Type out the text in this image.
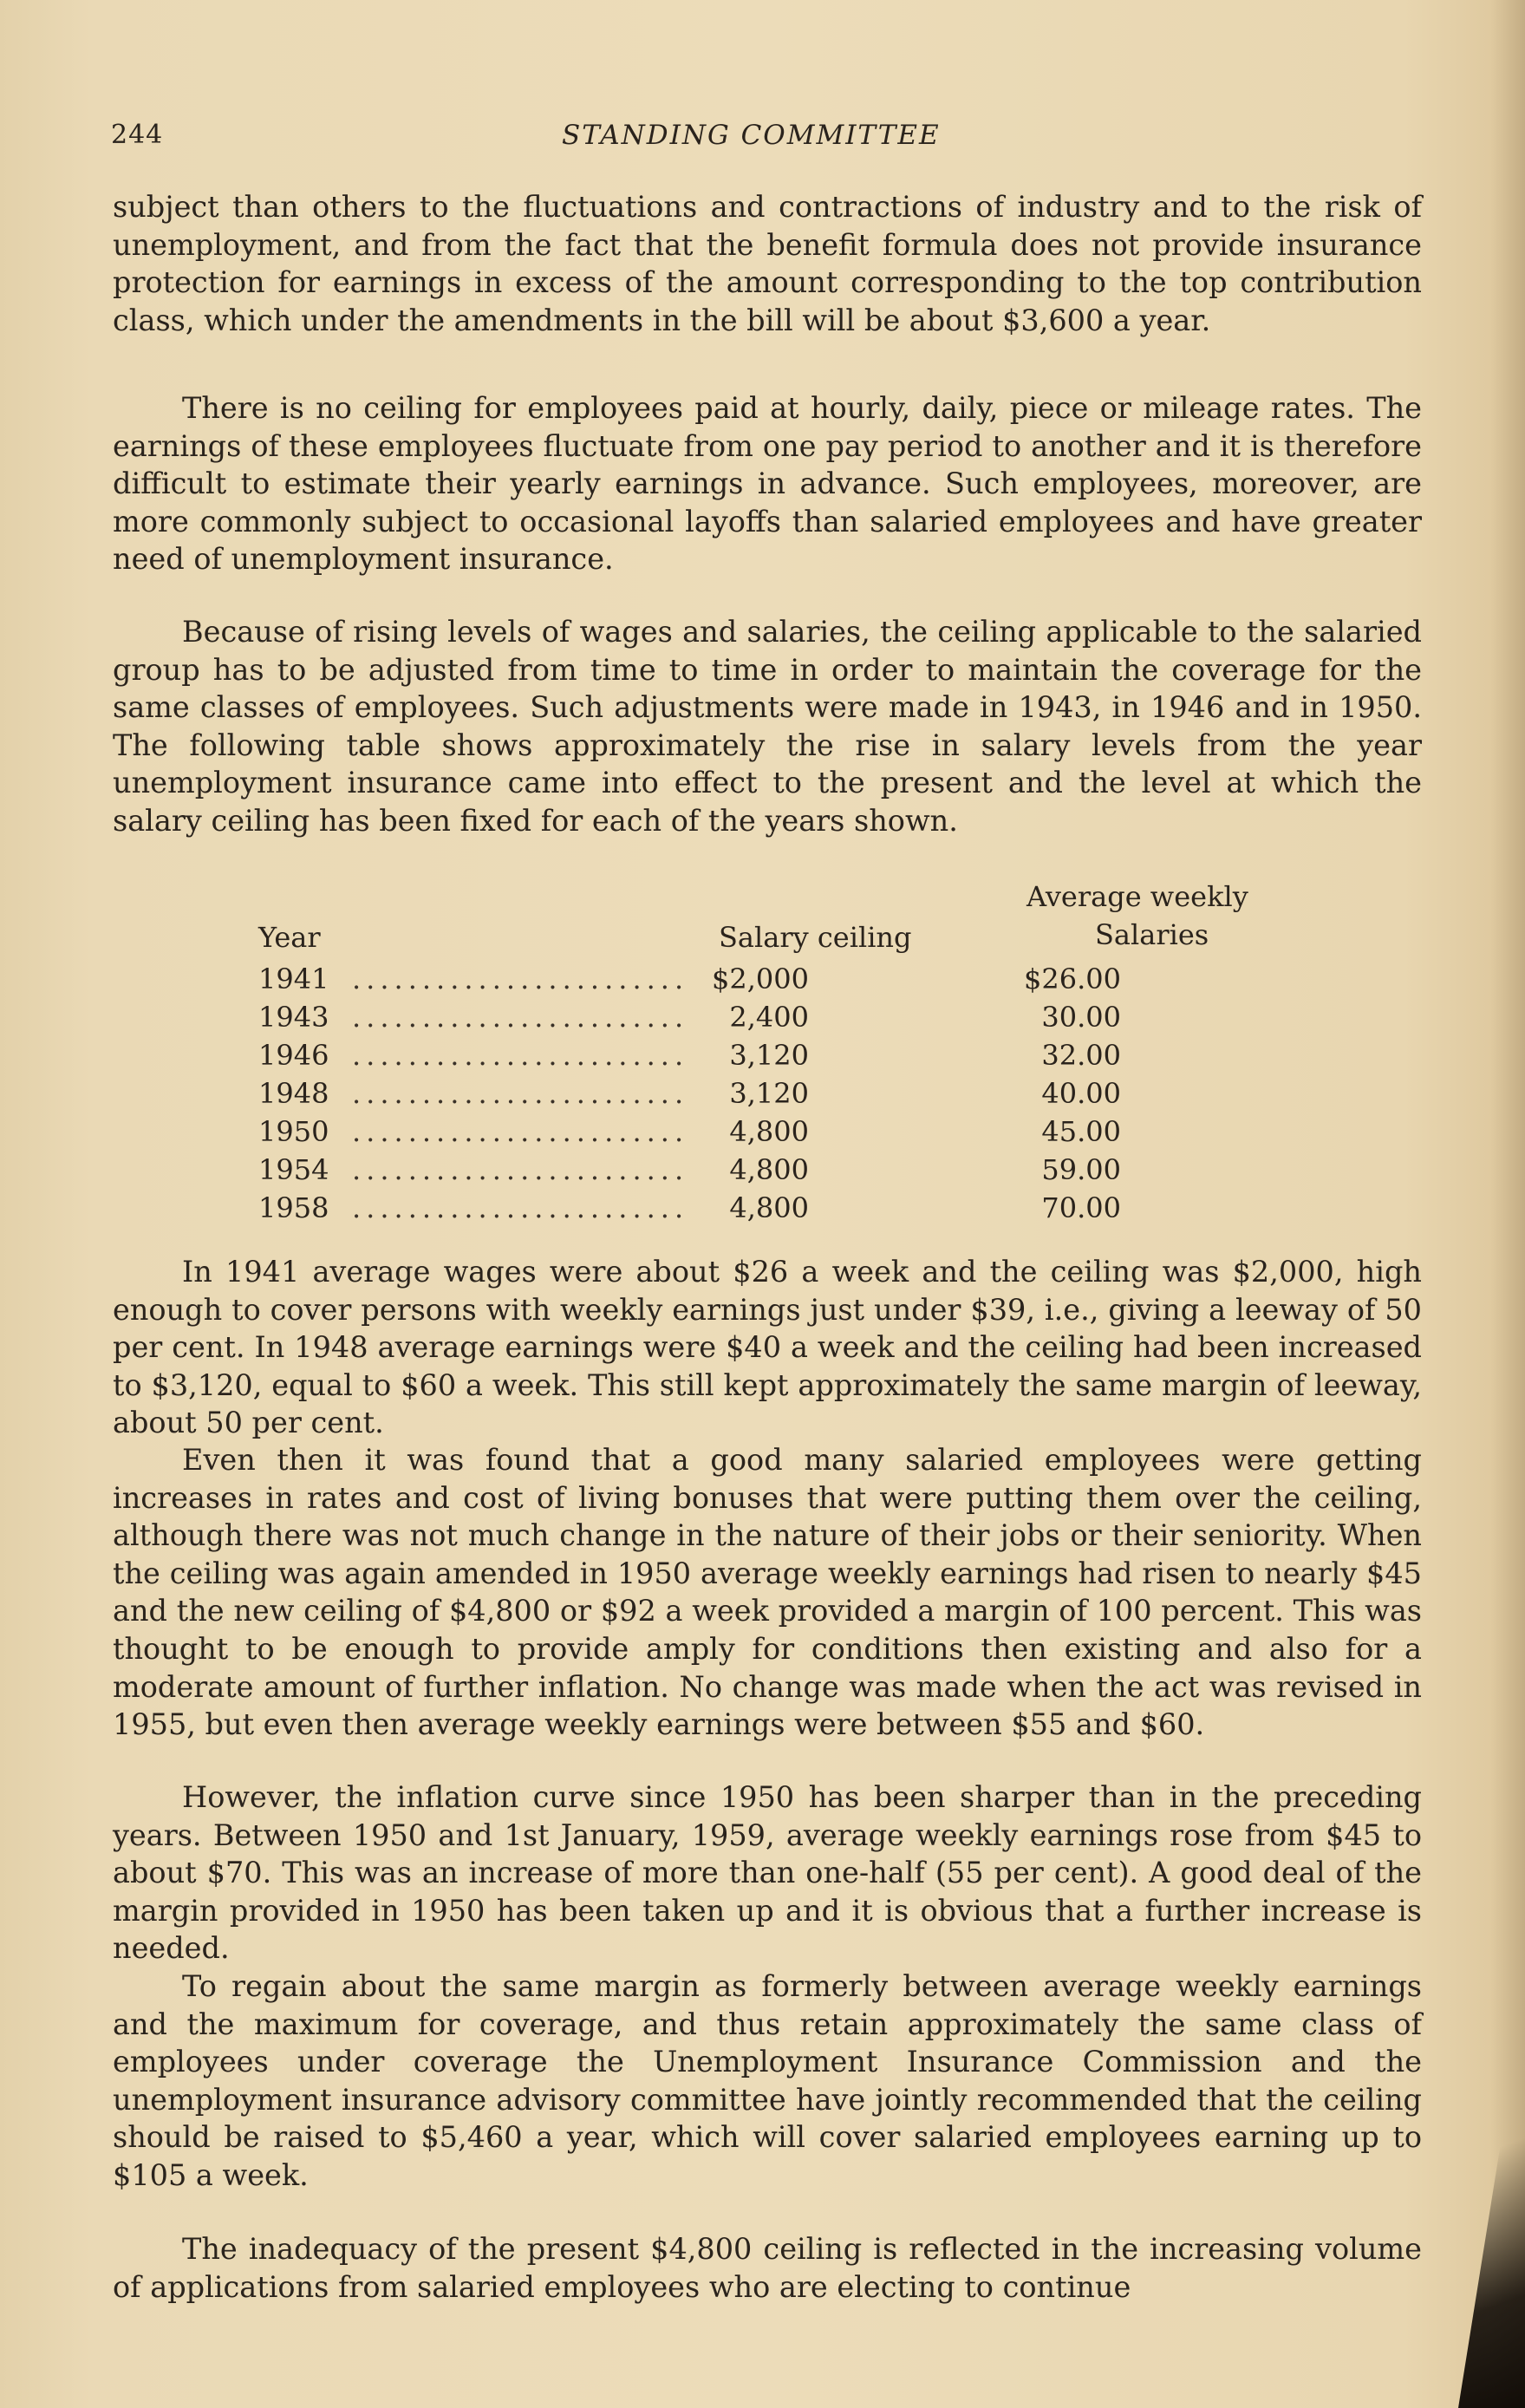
244	STANDING COMMITTEE

subject than others to the fluctuations and contractions of industry and to the risk of unemployment, and from the fact that the benefit formula does not provide insurance protection for earnings in excess of the amount corresponding to the top contribution class, which under the amendments in the bill will be about $3,600 a year.

There is no ceiling for employees paid at hourly, daily, piece or mileage rates. The earnings of these employees fluctuate from one pay period to another and it is therefore difficult to estimate their yearly earnings in advance. Such employees, moreover, are more commonly subject to occasional layoffs than salaried employees and have greater need of unemployment insurance.

Because of rising levels of wages and salaries, the ceiling applicable to the salaried group has to be adjusted from time to time in order to maintain the coverage for the same classes of employees. Such adjustments were made in 1943, in 1946 and in 1950. The following table shows approximately the rise in salary levels from the year unemployment insurance came into effect to the present and the level at which the salary ceiling has been fixed for each of the years shown.

Average weekly
Year	Salary ceiling	Salaries
1941 ........................ $2,000	$26.00
1943 ........................	2,400	30.00
1946 ........................	3,120	32.00
1948 ........................	3,120	40.00
1950 ........................	4,800	45.00
1954 ........................	4,800	59.00
1958 ........................	4,800	70.00

In 1941 average wages were about $26 a week and the ceiling was $2,000, high enough to cover persons with weekly earnings just under $39, i.e., giving a leeway of 50 per cent. In 1948 average earnings were $40 a week and the ceiling had been increased to $3,120, equal to $60 a week. This still kept approximately the same margin of leeway, about 50 per cent.

Even then it was found that a good many salaried employees were getting increases in rates and cost of living bonuses that were putting them over the ceiling, although there was not much change in the nature of their jobs or their seniority. When the ceiling was again amended in 1950 average weekly earnings had risen to nearly $45 and the new ceiling of $4,800 or $92 a week provided a margin of 100 percent. This was thought to be enough to provide amply for conditions then existing and also for a moderate amount of further inflation. No change was made when the act was revised in 1955, but even then average weekly earnings were between $55 and $60.

However, the inflation curve since 1950 has been sharper than in the preceding years. Between 1950 and 1st January, 1959, average weekly earnings rose from $45 to about $70. This was an increase of more than one-half (55 per cent). A good deal of the margin provided in 1950 has been taken up and it is obvious that a further increase is needed.

To regain about the same margin as formerly between average weekly earnings and the maximum for coverage, and thus retain approximately the same class of employees under coverage the Unemployment Insurance Commission and the unemployment insurance advisory committee have jointly recommended that the ceiling should be raised to $5,460 a year, which will cover salaried employees earning up to $105 a week.

The inadequacy of the present $4,800 ceiling is reflected in the increasing volume of applications from salaried employees who are electing to continue
